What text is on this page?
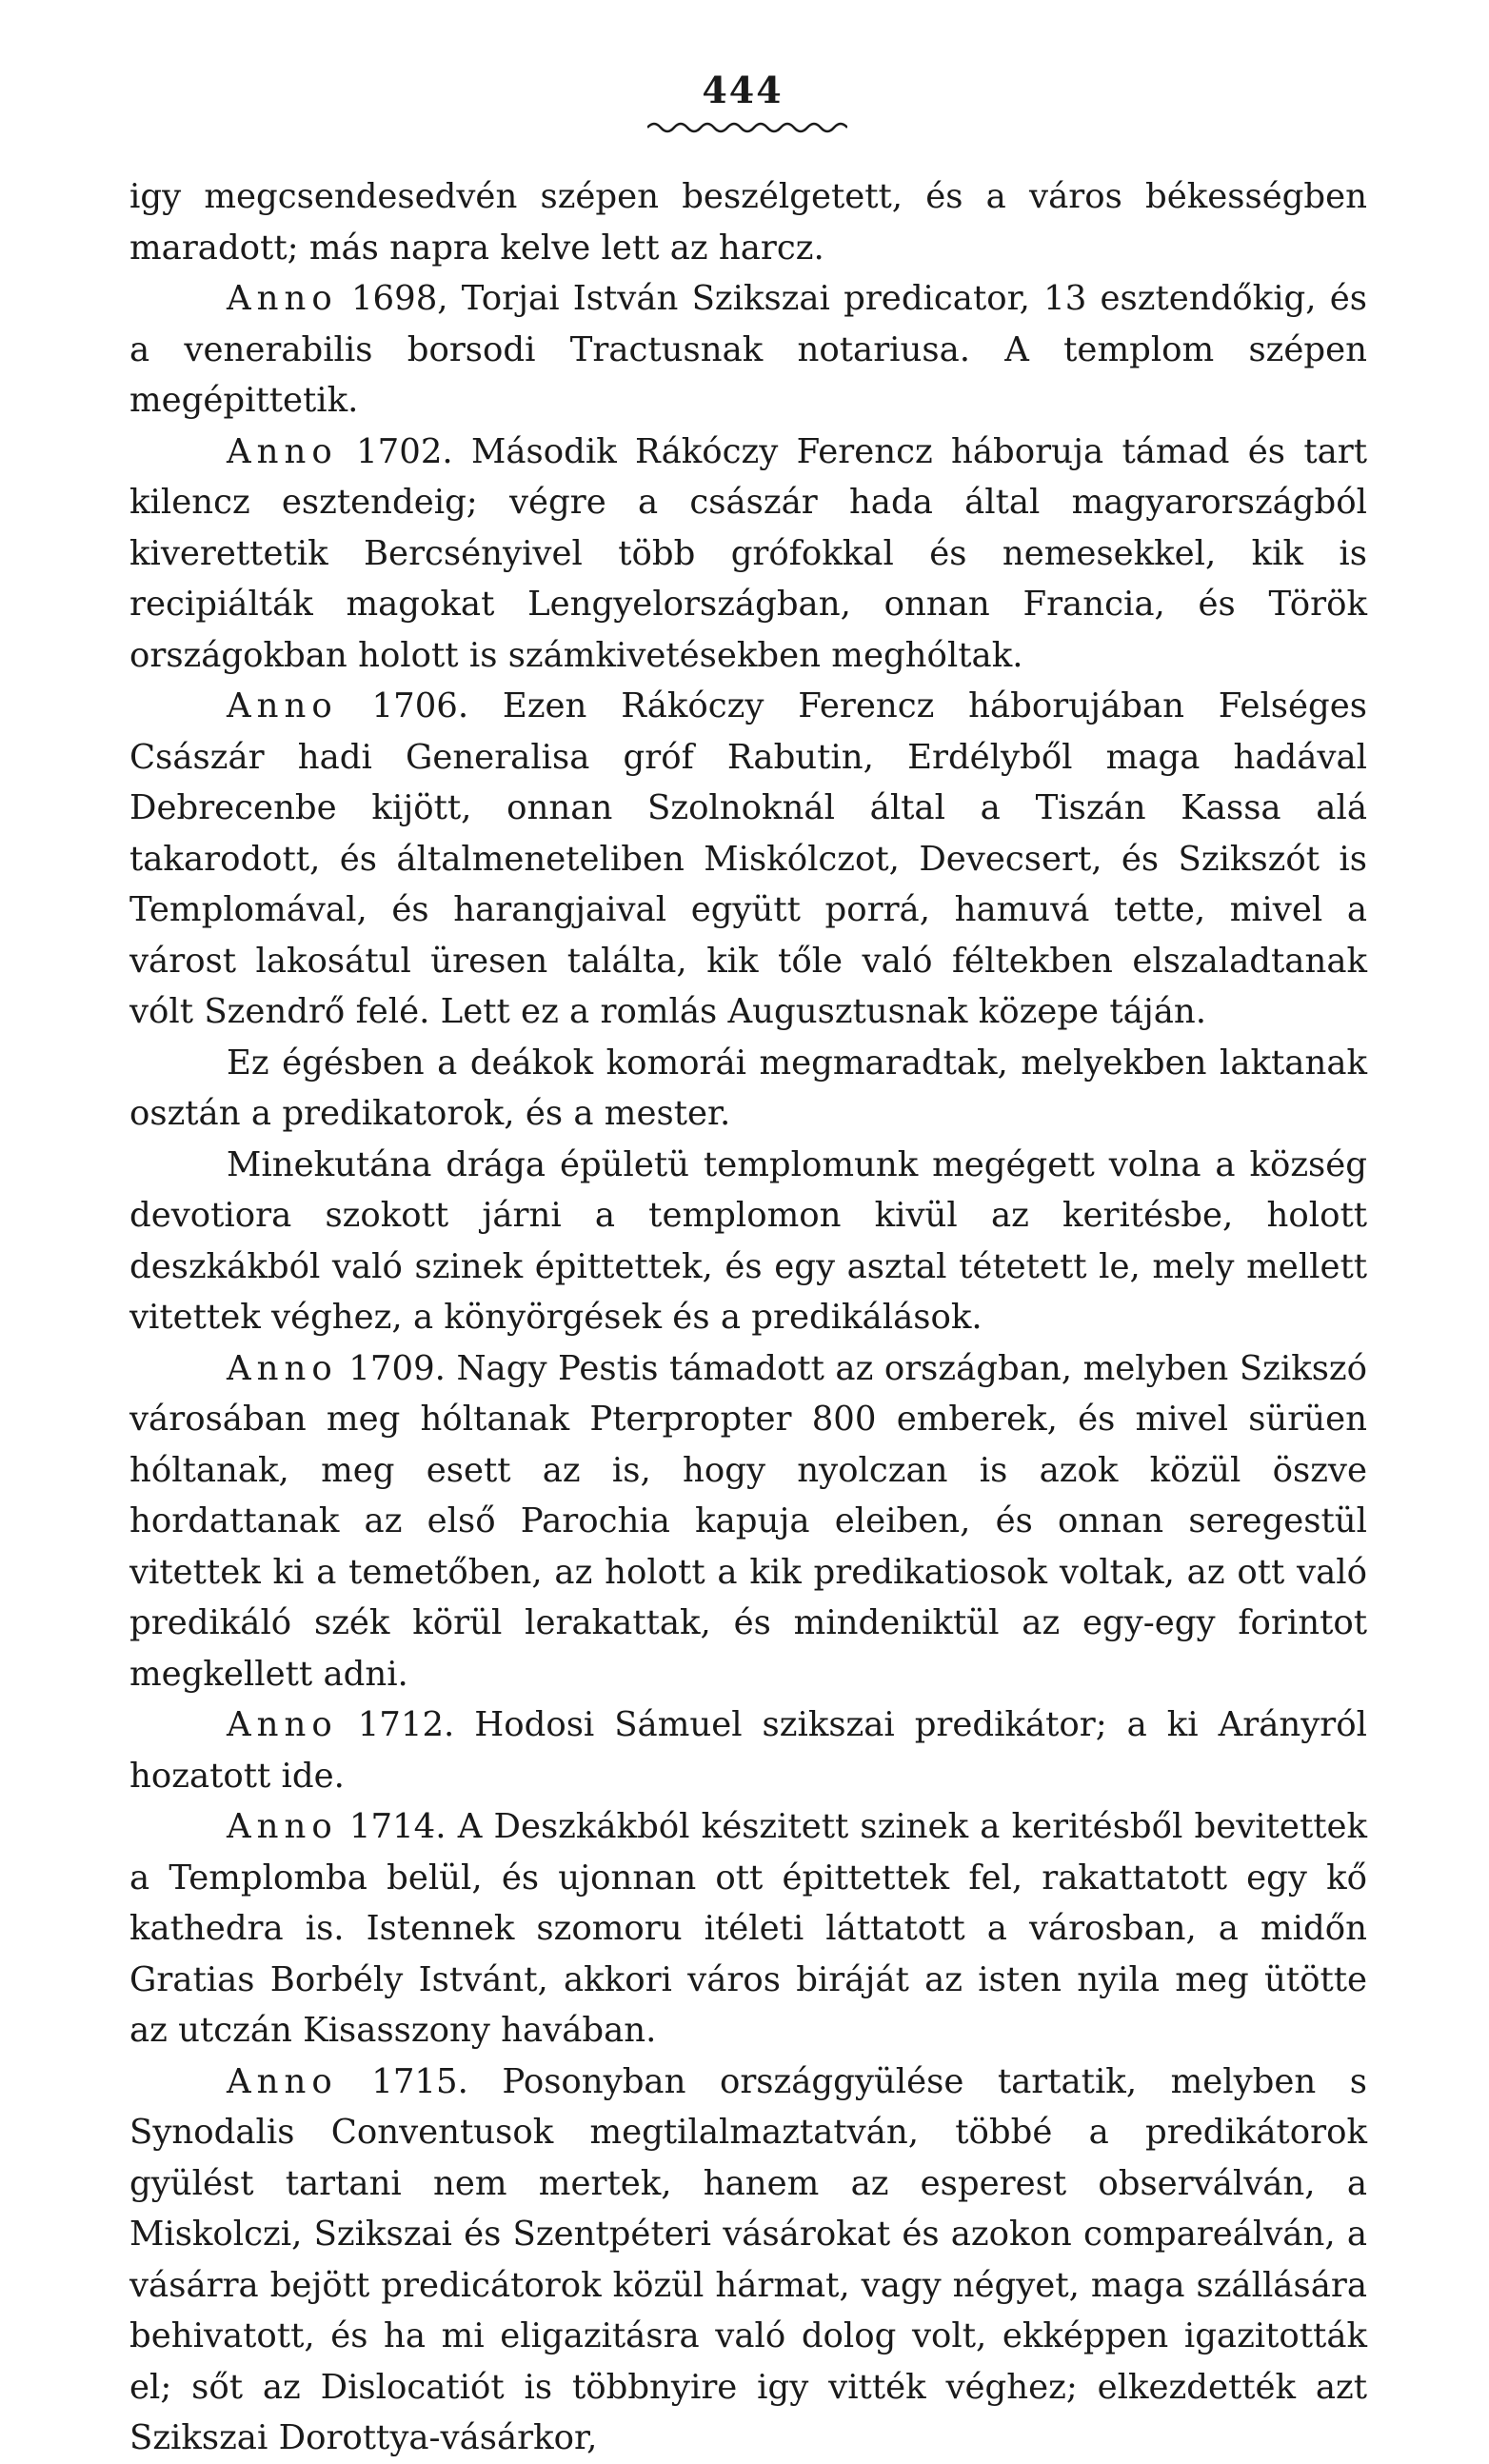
444

igy megcsendesedvén szépen beszélgetett, és a város békességben maradott; más napra kelve lett az harcz.

Anno 1698, Torjai István Szikszai predicator, 13 esztendőkig, és a venerabilis borsodi Tractusnak notariusa. A templom szépen megépittetik.

Anno 1702. Második Rákóczy Ferencz háboruja támad és tart kilencz esztendeig; végre a császár hada által magyarországból kiverettetik Bercsényivel több grófokkal és nemesekkel, kik is recipiálták magokat Lengyelországban, onnan Francia, és Török országokban holott is számkivetésekben meghóltak.

Anno 1706. Ezen Rákóczy Ferencz háborujában Felséges Császár hadi Generalisa gróf Rabutin, Erdélyből maga hadával Debrecenbe kijött, onnan Szolnoknál által a Tiszán Kassa alá takarodott, és általmeneteliben Miskólczot, Devecsert, és Szikszót is Templomával, és harangjaival együtt porrá, hamuvá tette, mivel a várost lakosátul üresen találta, kik tőle való féltekben elszaladtanak vólt Szendrő felé. Lett ez a romlás Augusztusnak közepe táján.

Ez égésben a deákok komorái megmaradtak, melyekben laktanak osztán a predikatorok, és a mester.

Minekutána drága épületü templomunk megégett volna a község devotiora szokott járni a templomon kivül az keritésbe, holott deszkákból való szinek épittettek, és egy asztal tétetett le, mely mellett vitettek véghez, a könyörgések és a predikálások.

Anno 1709. Nagy Pestis támadott az országban, melyben Szikszó városában meg hóltanak Pterpropter 800 emberek, és mivel sürüen hóltanak, meg esett az is, hogy nyolczan is azok közül öszve hordattanak az első Parochia kapuja eleiben, és onnan seregestül vitettek ki a temetőben, az holott a kik predikatiosok voltak, az ott való predikáló szék körül lerakattak, és mindeniktül az egy-egy forintot megkellett adni.

Anno 1712. Hodosi Sámuel szikszai predikátor; a ki Arányról hozatott ide.

Anno 1714. A Deszkákból készitett szinek a keritésből bevitettek a Templomba belül, és ujonnan ott épittettek fel, rakattatott egy kő kathedra is. Istennek szomoru itéleti láttatott a városban, a midőn Gratias Borbély Istvánt, akkori város biráját az isten nyila meg ütötte az utczán Kisasszony havában.

Anno 1715. Posonyban országgyülése tartatik, melyben s Synodalis Conventusok megtilalmaztatván, többé a predikátorok gyülést tartani nem mertek, hanem az esperest observálván, a Miskolczi, Szikszai és Szentpéteri vásárokat és azokon compareálván, a vásárra bejött predicátorok közül hármat, vagy négyet, maga szállására behivatott, és ha mi eligazitásra való dolog volt, ekképpen igazitották el; sőt az Dislocatiót is többnyire igy vitték véghez; elkezdették azt Szikszai Dorottya-vásárkor,
